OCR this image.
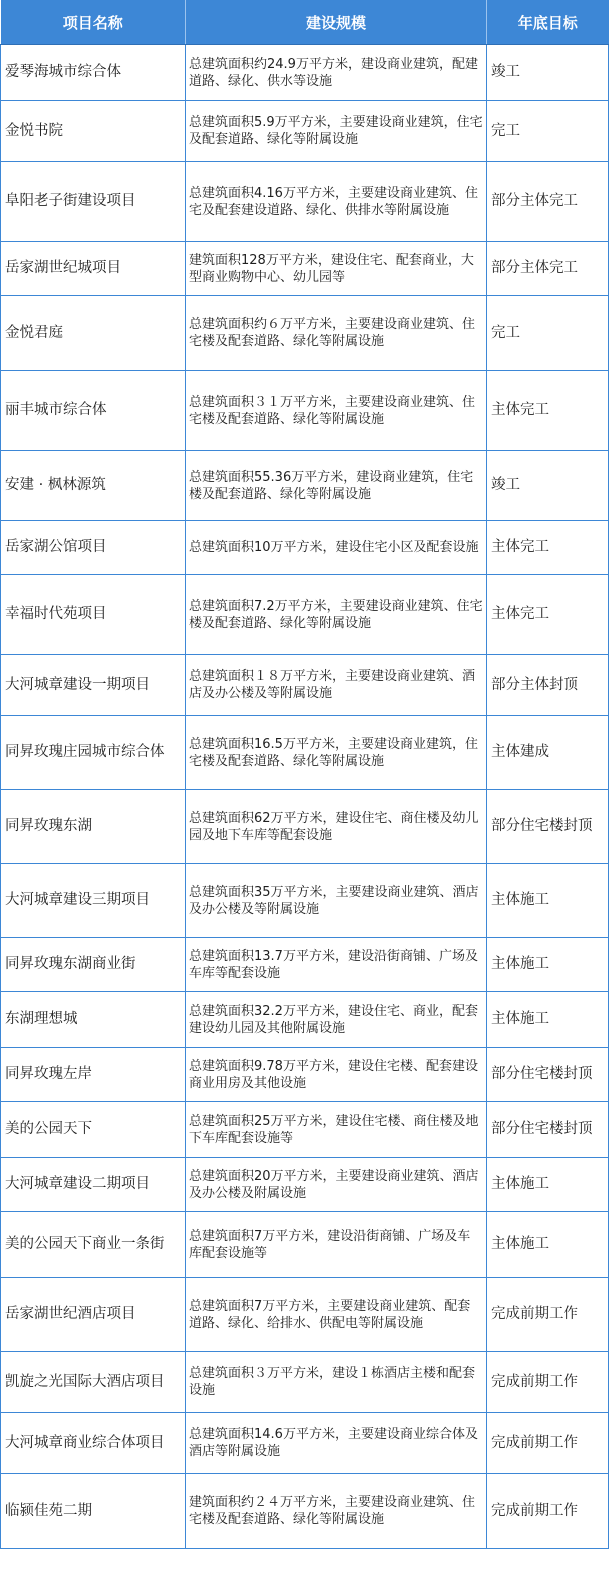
项目名称	建设规模	年底目标
爱琴海城市综合体	总建筑面积约24.9万平方米，建设商业建筑，配建道路、绿化、供水等设施	竣工
金悦书院	总建筑面积5.9万平方米，主要建设商业建筑，住宅及配套道路、绿化等附属设施	完工
阜阳老子街建设项目	总建筑面积4.16万平方米，主要建设商业建筑、住宅及配套建设道路、绿化、供排水等附属设施	部分主体完工
岳家湖世纪城项目	建筑面积128万平方米，建设住宅、配套商业，大型商业购物中心、幼儿园等	部分主体完工
金悦君庭	总建筑面积约６万平方米，主要建设商业建筑、住宅楼及配套道路、绿化等附属设施	完工
丽丰城市综合体	总建筑面积３１万平方米，主要建设商业建筑、住宅楼及配套道路、绿化等附属设施	主体完工
安建 · 枫林源筑	总建筑面积55.36万平方米，建设商业建筑，住宅楼及配套道路、绿化等附属设施	竣工
岳家湖公馆项目	总建筑面积10万平方米，建设住宅小区及配套设施	主体完工
幸福时代苑项目	总建筑面积7.2万平方米，主要建设商业建筑、住宅楼及配套道路、绿化等附属设施	主体完工
大河城章建设一期项目	总建筑面积１８万平方米，主要建设商业建筑、酒店及办公楼及等附属设施	部分主体封顶
同昇玫瑰庄园城市综合体	总建筑面积16.5万平方米，主要建设商业建筑，住宅楼及配套道路、绿化等附属设施	主体建成
同昇玫瑰东湖	总建筑面积62万平方米，建设住宅、商住楼及幼儿园及地下车库等配套设施	部分住宅楼封顶
大河城章建设三期项目	总建筑面积35万平方米，主要建设商业建筑、酒店及办公楼及等附属设施	主体施工
同昇玫瑰东湖商业街	总建筑面积13.7万平方米，建设沿街商铺、广场及车库等配套设施	主体施工
东湖理想城	总建筑面积32.2万平方米，建设住宅、商业，配套建设幼儿园及其他附属设施	主体施工
同昇玫瑰左岸	总建筑面积9.78万平方米，建设住宅楼、配套建设商业用房及其他设施	部分住宅楼封顶
美的公园天下	总建筑面积25万平方米，建设住宅楼、商住楼及地下车库配套设施等	部分住宅楼封顶
大河城章建设二期项目	总建筑面积20万平方米，主要建设商业建筑、酒店及办公楼及附属设施	主体施工
美的公园天下商业一条街	总建筑面积7万平方米，建设沿街商铺、广场及车库配套设施等	主体施工
岳家湖世纪酒店项目	总建筑面积7万平方米，主要建设商业建筑、配套道路、绿化、给排水、供配电等附属设施	完成前期工作
凯旋之光国际大酒店项目	总建筑面积３万平方米，建设１栋酒店主楼和配套设施	完成前期工作
大河城章商业综合体项目	总建筑面积14.6万平方米，主要建设商业综合体及酒店等附属设施	完成前期工作
临颍佳苑二期	建筑面积约２４万平方米，主要建设商业建筑、住宅楼及配套道路、绿化等附属设施	完成前期工作
